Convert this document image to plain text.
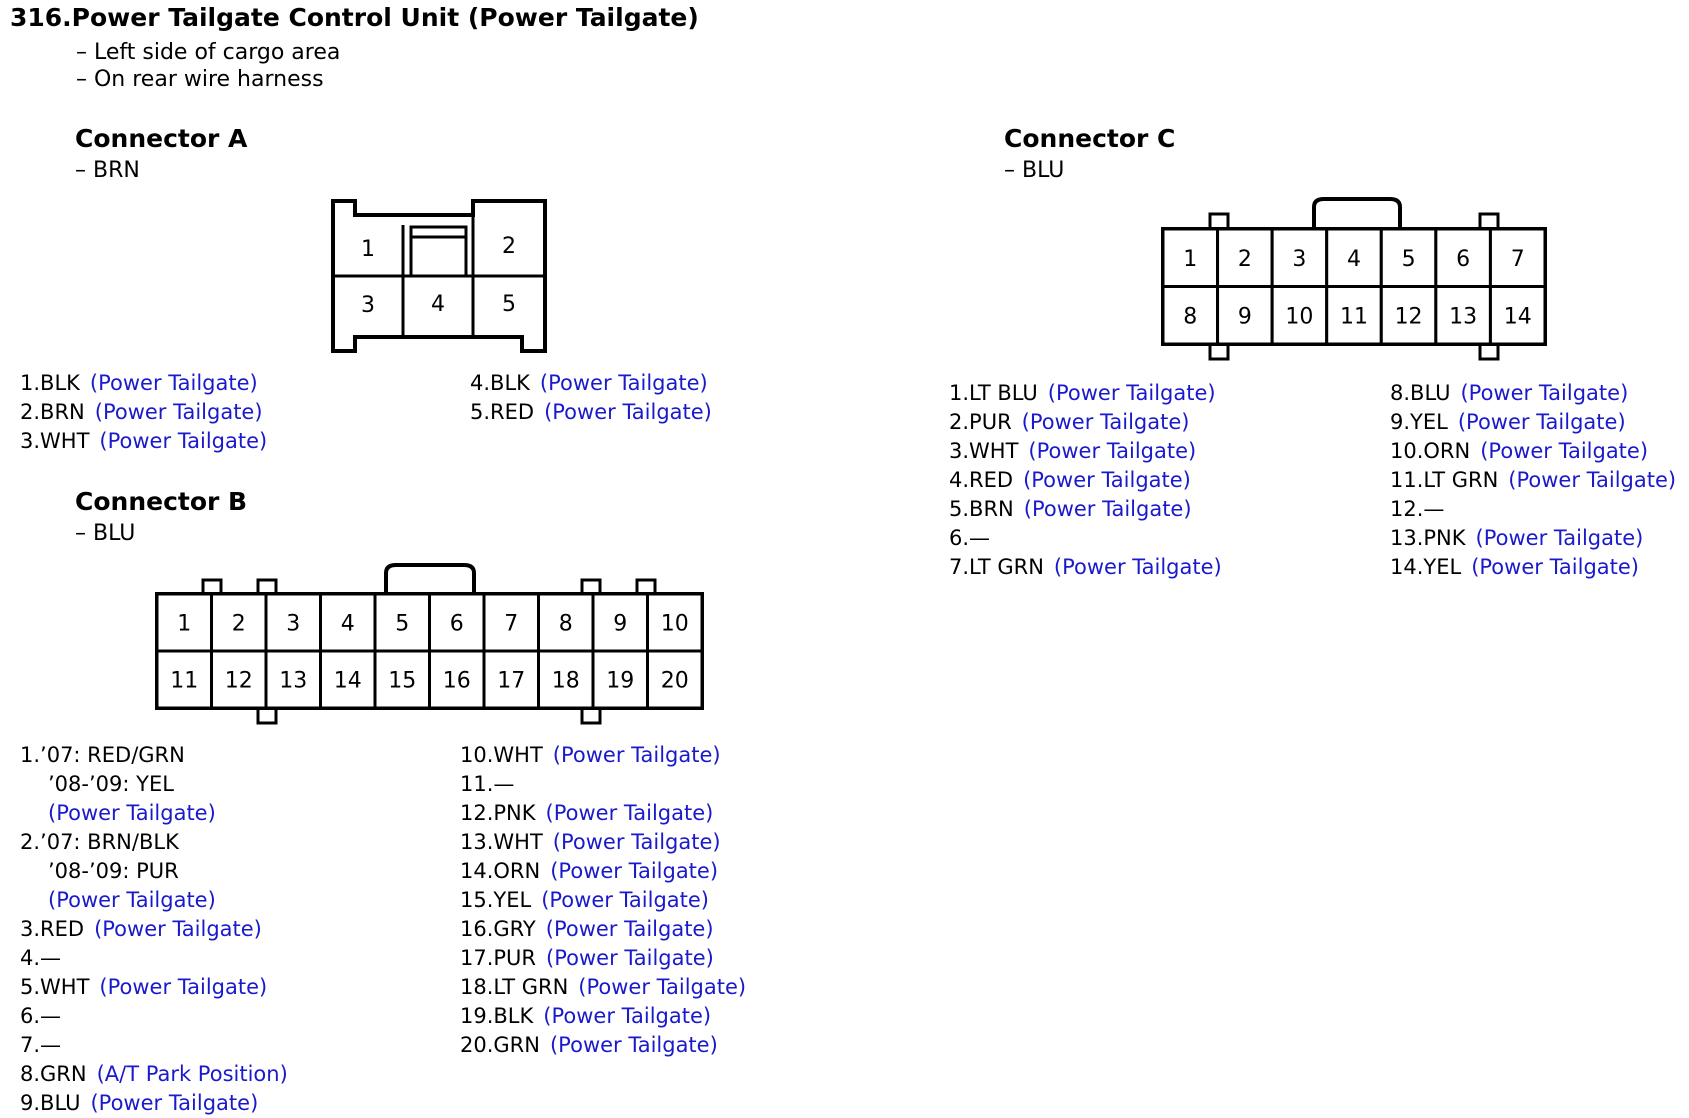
316.Power Tailgate Control Unit (Power Tailgate)
– Left side of cargo area
– On rear wire harness
Connector A
– BRN
Connector C
– BLU
Connector B
– BLU
1	2
3	4	5
1 2 3 4 5 6 7
8 9 10 11 12 13 14
1 2 3 4 5 6 7 8 9 10
11 12 13 14 15 16 17 18 19 20
1.BLK (Power Tailgate)
2.BRN (Power Tailgate)
3.WHT (Power Tailgate)
4.BLK (Power Tailgate)
5.RED (Power Tailgate)
1.LT BLU (Power Tailgate)
2.PUR (Power Tailgate)
3.WHT (Power Tailgate)
4.RED (Power Tailgate)
5.BRN (Power Tailgate)
6.—
7.LT GRN (Power Tailgate)
8.BLU (Power Tailgate)
9.YEL (Power Tailgate)
10.ORN (Power Tailgate)
11.LT GRN (Power Tailgate)
12.—
13.PNK (Power Tailgate)
14.YEL (Power Tailgate)
1.’07: RED/GRN
’08-’09: YEL
(Power Tailgate)
2.’07: BRN/BLK
’08-’09: PUR
(Power Tailgate)
3.RED (Power Tailgate)
4.—
5.WHT (Power Tailgate)
6.—
7.—
8.GRN (A/T Park Position)
9.BLU (Power Tailgate)
10.WHT (Power Tailgate)
11.—
12.PNK (Power Tailgate)
13.WHT (Power Tailgate)
14.ORN (Power Tailgate)
15.YEL (Power Tailgate)
16.GRY (Power Tailgate)
17.PUR (Power Tailgate)
18.LT GRN (Power Tailgate)
19.BLK (Power Tailgate)
20.GRN (Power Tailgate)
